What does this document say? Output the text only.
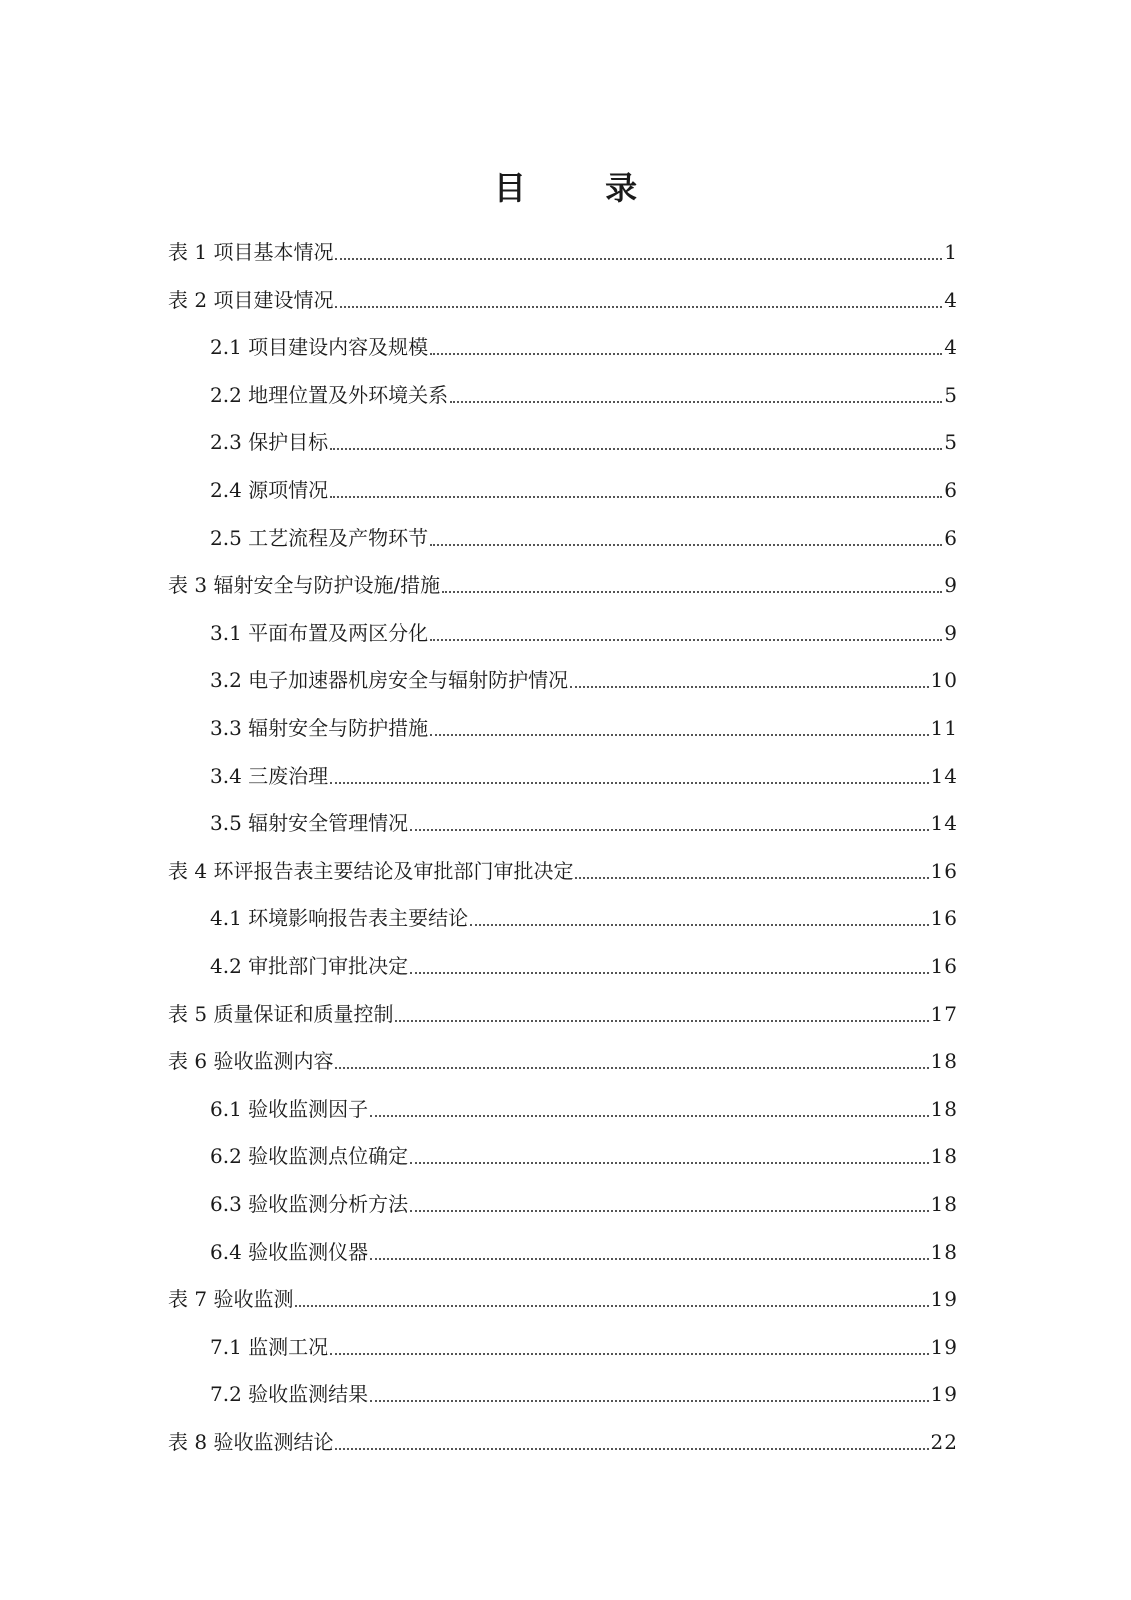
目 录
表 1 项目基本情况	1
表 2 项目建设情况	4
2.1 项目建设内容及规模	4
2.2 地理位置及外环境关系	5
2.3 保护目标	5
2.4 源项情况	6
2.5 工艺流程及产物环节	6
表 3 辐射安全与防护设施/措施	9
3.1 平面布置及两区分化	9
3.2 电子加速器机房安全与辐射防护情况	10
3.3 辐射安全与防护措施	11
3.4 三废治理	14
3.5 辐射安全管理情况	14
表 4 环评报告表主要结论及审批部门审批决定	16
4.1 环境影响报告表主要结论	16
4.2 审批部门审批决定	16
表 5 质量保证和质量控制	17
表 6 验收监测内容	18
6.1 验收监测因子	18
6.2 验收监测点位确定	18
6.3 验收监测分析方法	18
6.4 验收监测仪器	18
表 7 验收监测	19
7.1 监测工况	19
7.2 验收监测结果	19
表 8 验收监测结论	22
